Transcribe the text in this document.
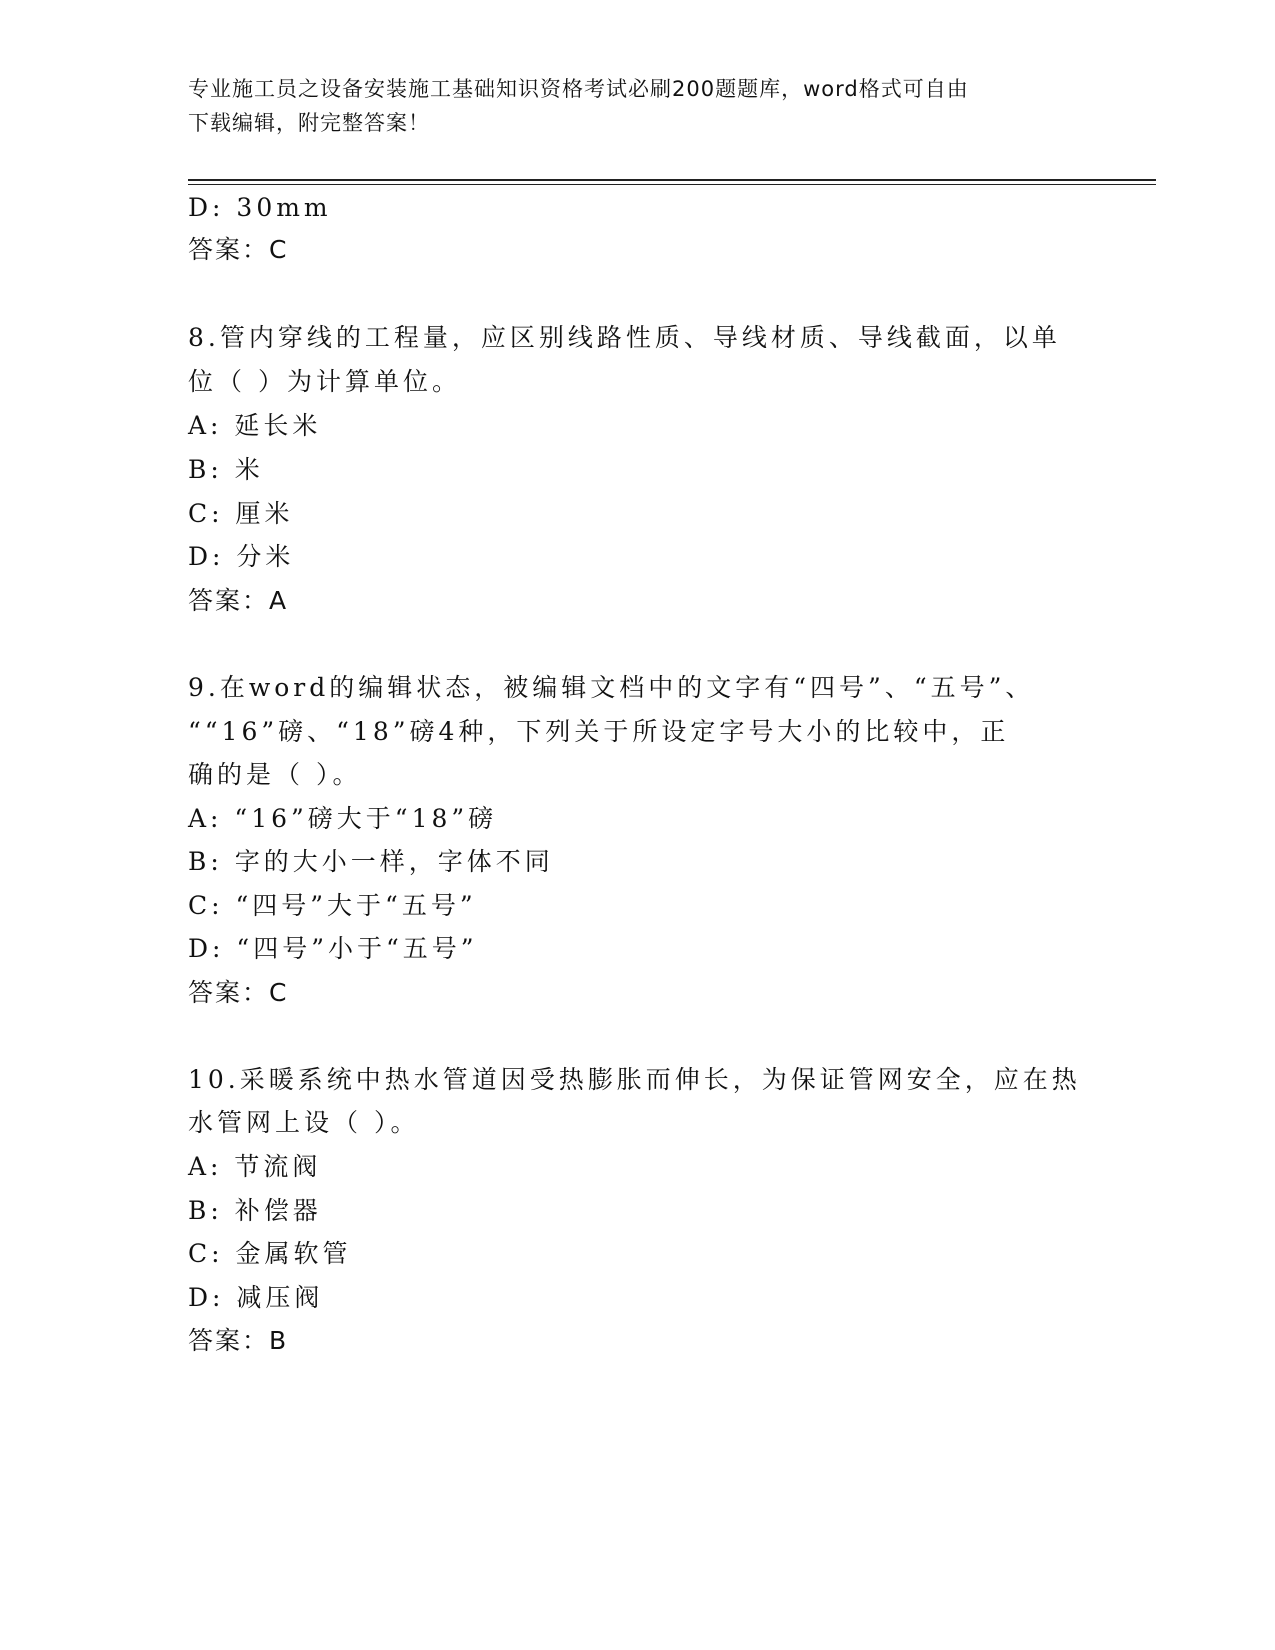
专业施工员之设备安装施工基础知识资格考试必刷200题题库，word格式可自由
下载编辑，附完整答案！
D: 30mm
答案：C
8.管内穿线的工程量，应区别线路性质、导线材质、导线截面，以单
位（ ）为计算单位。
A: 延长米
B: 米
C: 厘米
D: 分米
答案：A
9.在word的编辑状态，被编辑文档中的文字有“四号”、“五号”、
““16”磅、“18”磅4种，下列关于所设定字号大小的比较中，正
确的是（ ）。
A: “16”磅大于“18”磅
B: 字的大小一样，字体不同
C: “四号”大于“五号”
D: “四号”小于“五号”
答案：C
10.采暖系统中热水管道因受热膨胀而伸长，为保证管网安全，应在热
水管网上设（ ）。
A: 节流阀
B: 补偿器
C: 金属软管
D: 减压阀
答案：B
